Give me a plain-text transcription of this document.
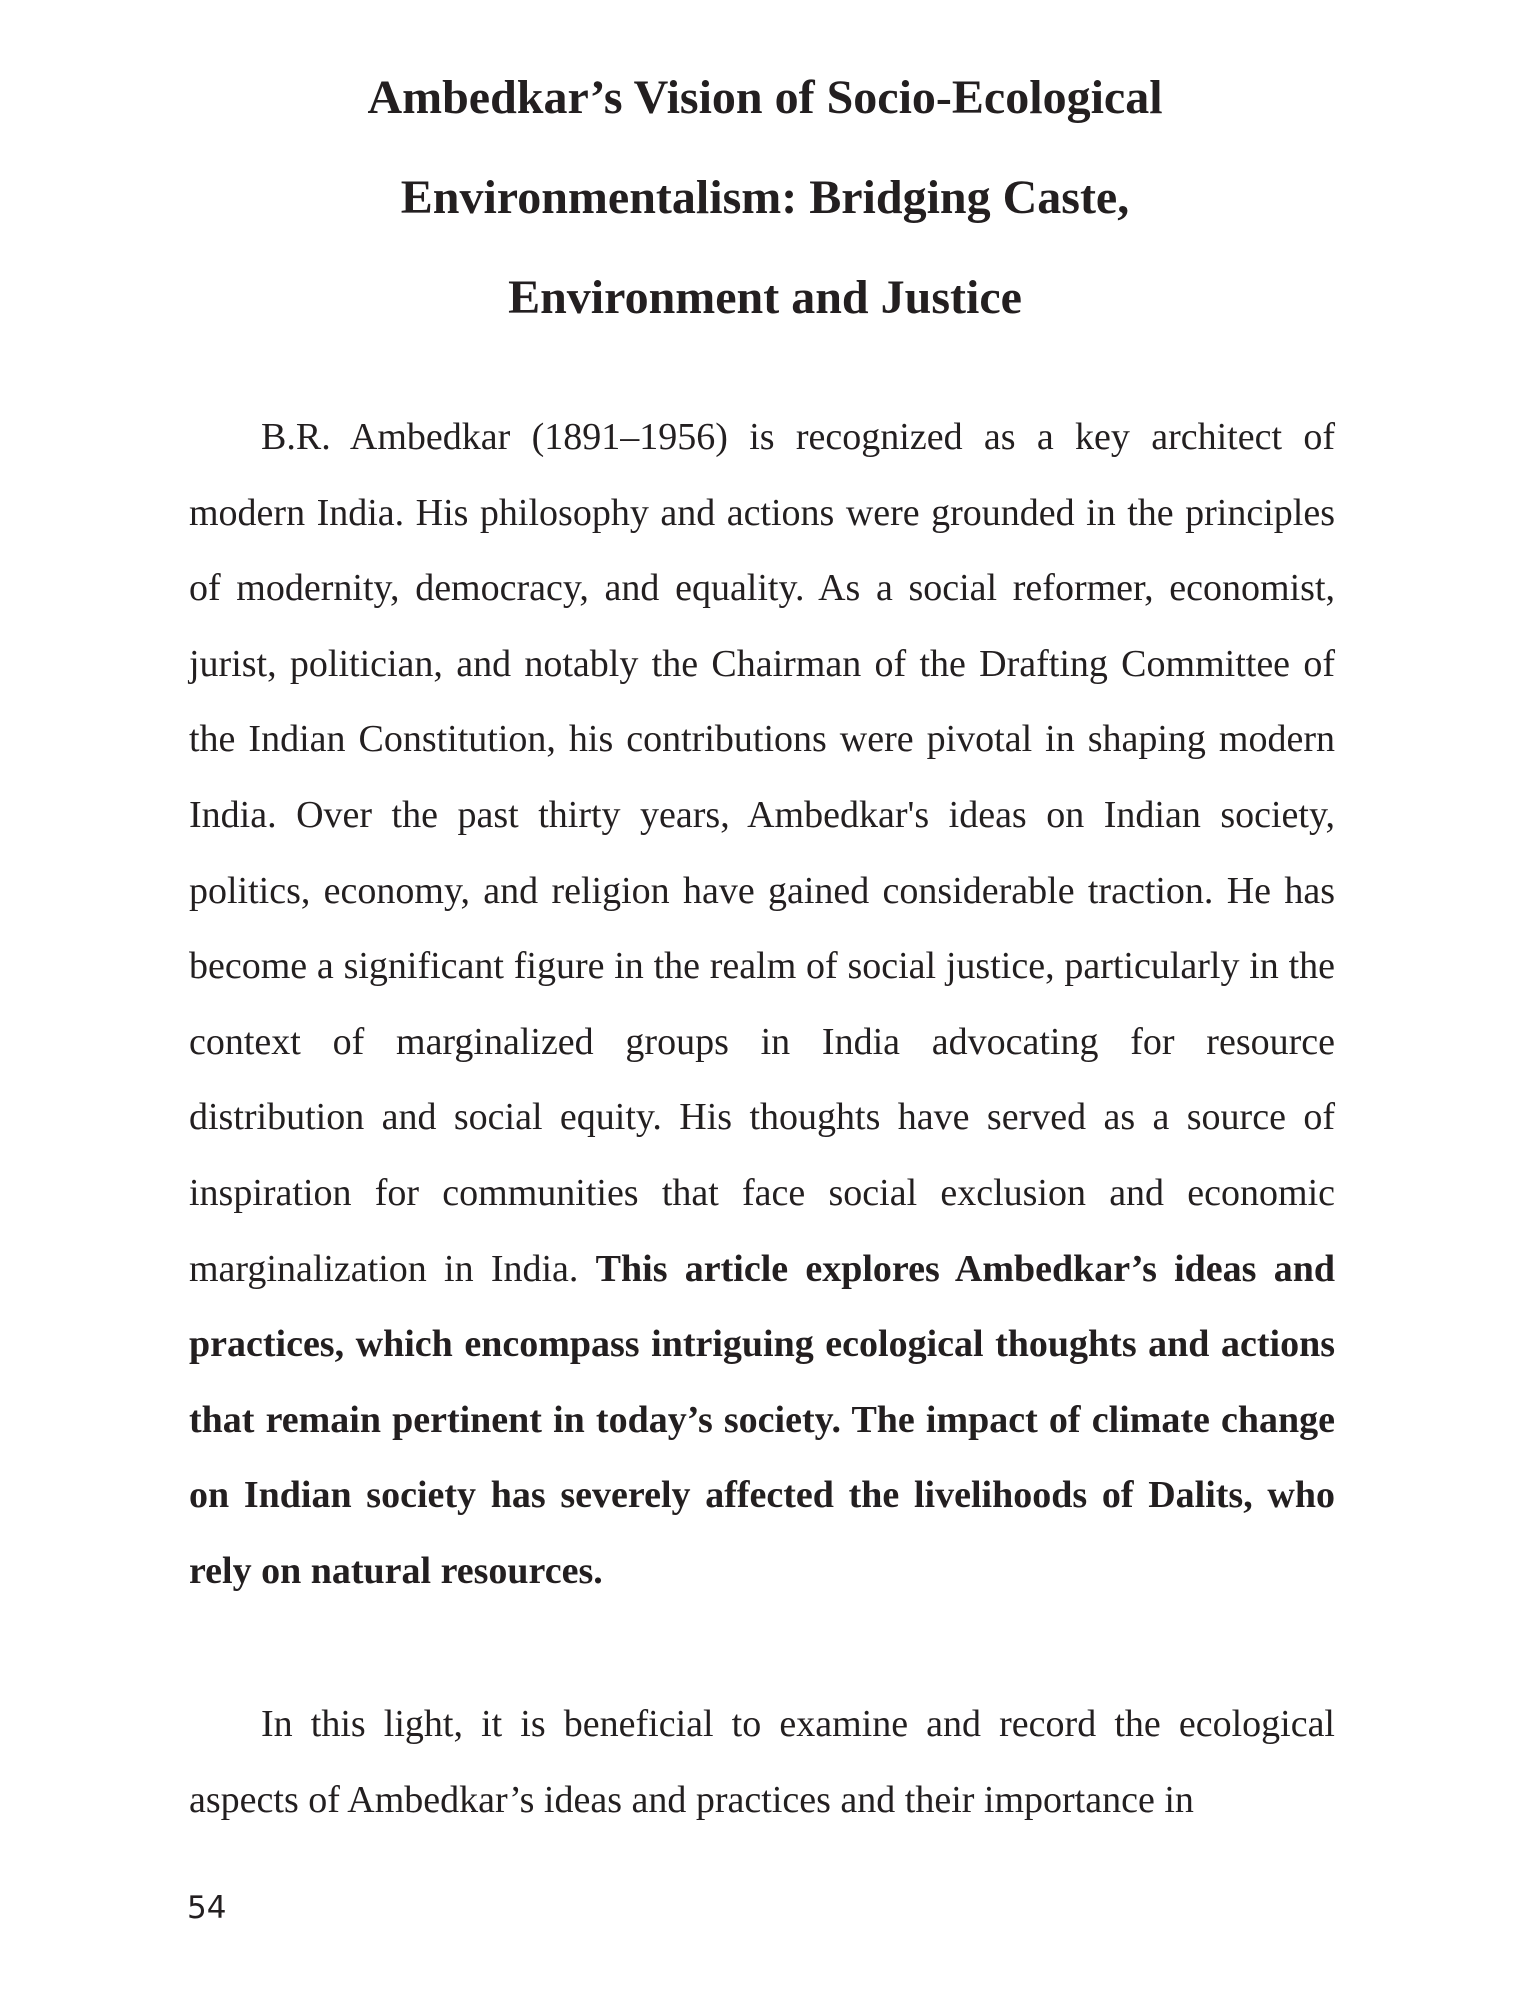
Ambedkar’s Vision of Socio-Ecological
Environmentalism: Bridging Caste,
Environment and Justice

B.R. Ambedkar (1891–1956) is recognized as a key architect of modern India. His philosophy and actions were grounded in the principles of modernity, democracy, and equality. As a social reformer, economist, jurist, politician, and notably the Chairman of the Drafting Committee of the Indian Constitution, his contributions were pivotal in shaping modern India. Over the past thirty years, Ambedkar's ideas on Indian society, politics, economy, and religion have gained considerable traction. He has become a significant figure in the realm of social justice, particularly in the context of marginalized groups in India advocating for resource distribution and social equity. His thoughts have served as a source of inspiration for communities that face social exclusion and economic marginalization in India. This article explores Ambedkar’s ideas and practices, which encompass intriguing ecological thoughts and actions that remain pertinent in today’s society. The impact of climate change on Indian society has severely affected the livelihoods of Dalits, who rely on natural resources.

In this light, it is beneficial to examine and record the ecological aspects of Ambedkar’s ideas and practices and their importance in

54
